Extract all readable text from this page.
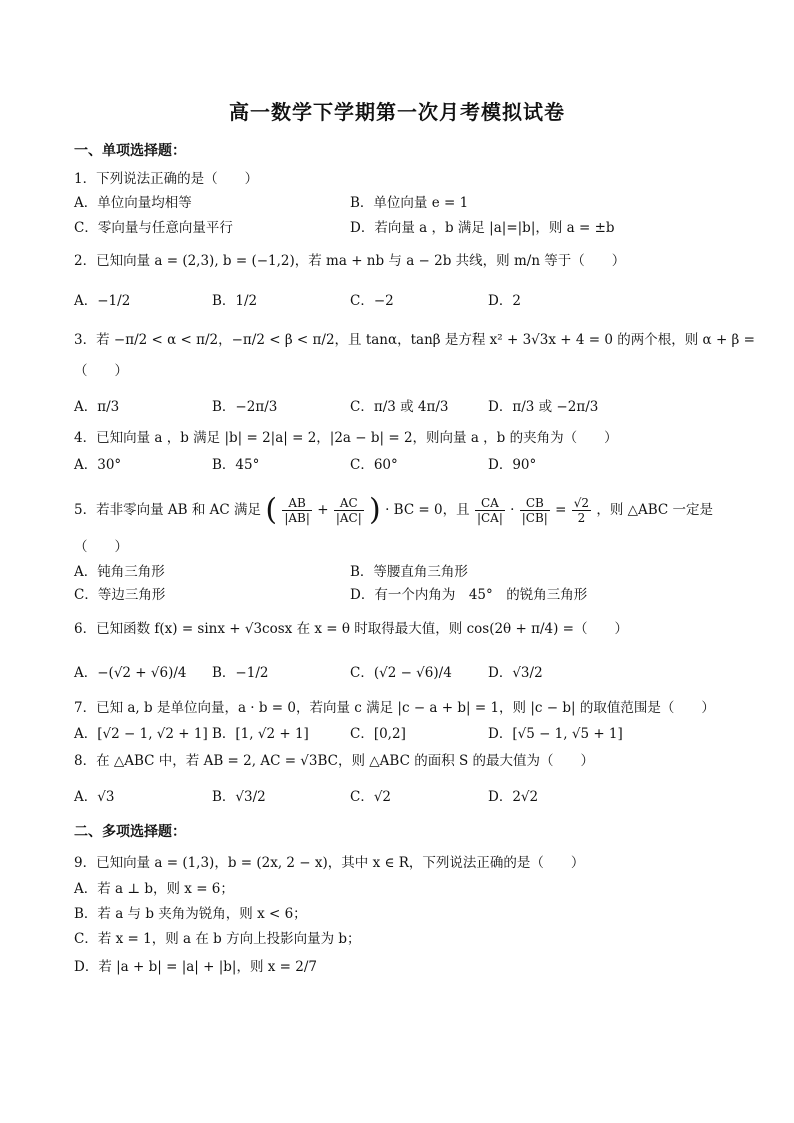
高一数学下学期第一次月考模拟试卷
一、单项选择题：
1．下列说法正确的是（　　）
A．单位向量均相等	B．单位向量 e = 1
C．零向量与任意向量平行	D．若向量 a ，b 满足 |a|=|b|，则 a = ±b
2．已知向量 a = (2,3), b = (−1,2)，若 ma + nb 与 a − 2b 共线，则 m/n 等于（　　）
A．−1/2	B．1/2	C．−2	D．2
3．若 −π/2 < α < π/2，−π/2 < β < π/2，且 tanα，tanβ 是方程 x² + 3√3x + 4 = 0 的两个根，则 α + β =
（　　）
A．π/3	B．−2π/3	C．π/3 或 4π/3	D．π/3 或 −2π/3
4．已知向量 a ，b 满足 |b| = 2|a| = 2，|2a − b| = 2，则向量 a ，b 的夹角为（　　）
A．30°	B．45°	C．60°	D．90°
5．若非零向量 AB 和 AC 满足 ( $\frac{AB}{|AB|} + \frac{AC}{|AC|}$ ) · BC = 0，且 $\frac{CA}{|CA|} \cdot \frac{CB}{|CB|} = \frac{√2}{2}$ ，则 △ABC 一定是
（　　）
A．钝角三角形	B．等腰直角三角形
C．等边三角形	D．有一个内角为　45°　的锐角三角形
6．已知函数 f(x) = sinx + √3cosx 在 x = θ 时取得最大值，则 cos(2θ + π/4) =（　　）
A．−(√2 + √6)/4 B．−1/2	C．(√2 − √6)/4	D．√3/2
7．已知 a, b 是单位向量，a · b = 0，若向量 c 满足 |c − a + b| = 1，则 |c − b| 的取值范围是（　　）
A．[√2 − 1, √2 + 1] B．[1, √2 + 1]	C．[0,2]	D．[√5 − 1, √5 + 1]
8．在 △ABC 中，若 AB = 2, AC = √3BC，则 △ABC 的面积 S 的最大值为（　　）
A．√3	B．√3/2	C．√2	D．2√2
二、多项选择题：
9．已知向量 a = (1,3)，b = (2x, 2 − x)，其中 x ∈ R，下列说法正确的是（　　）
A．若 a ⊥ b，则 x = 6；
B．若 a 与 b 夹角为锐角，则 x < 6；
C．若 x = 1，则 a 在 b 方向上投影向量为 b；
D．若 |a + b| = |a| + |b|，则 x = 2/7
